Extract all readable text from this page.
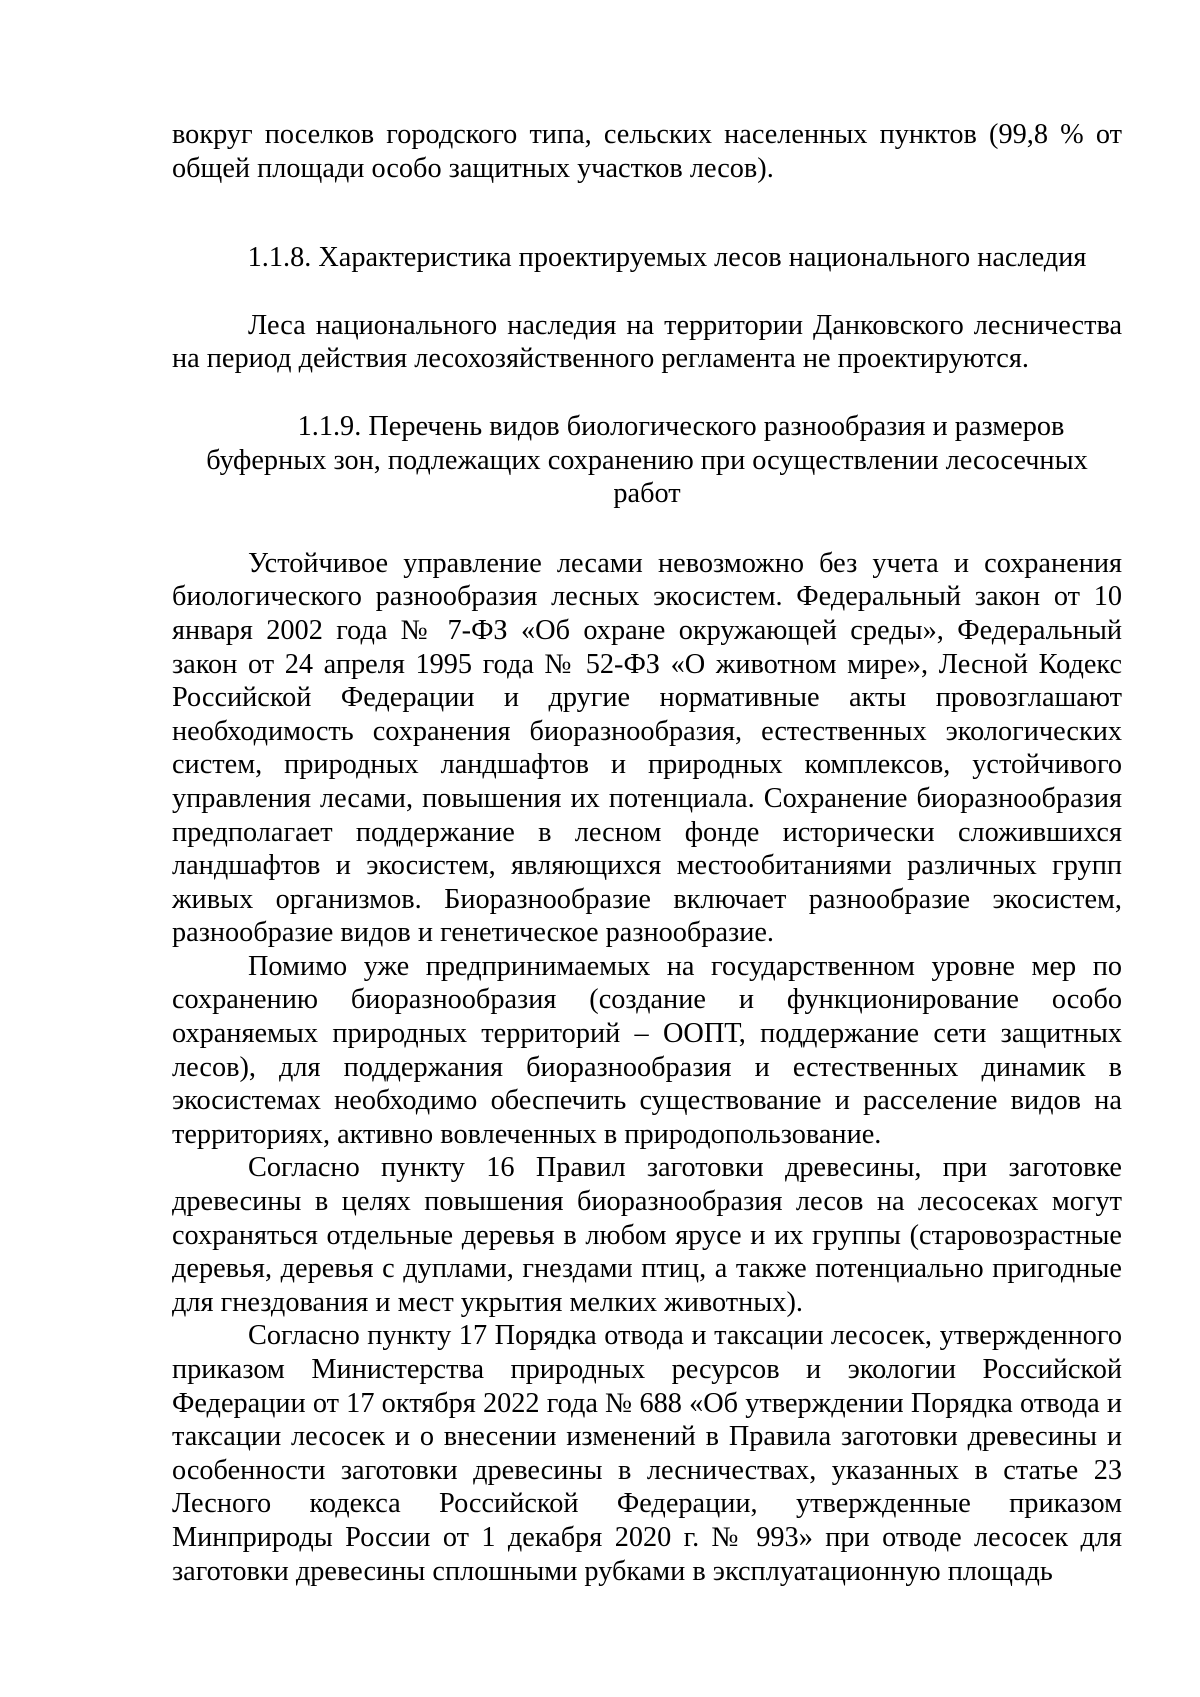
вокруг поселков городского типа, сельских населенных пунктов (99,8 % от общей площади особо защитных участков лесов).

1.1.8. Характеристика проектируемых лесов национального наследия

Леса национального наследия на территории Данковского лесничества на период действия лесохозяйственного регламента не проектируются.

1.1.9. Перечень видов биологического разнообразия и размеров
буферных зон, подлежащих сохранению при осуществлении лесосечных
работ

Устойчивое управление лесами невозможно без учета и сохранения биологического разнообразия лесных экосистем. Федеральный закон от 10 января 2002 года № 7-ФЗ «Об охране окружающей среды», Федеральный закон от 24 апреля 1995 года № 52-ФЗ «О животном мире», Лесной Кодекс Российской Федерации и другие нормативные акты провозглашают необходимость сохранения биоразнообразия, естественных экологических систем, природных ландшафтов и природных комплексов, устойчивого управления лесами, повышения их потенциала. Сохранение биоразнообразия предполагает поддержание в лесном фонде исторически сложившихся ландшафтов и экосистем, являющихся местообитаниями различных групп живых организмов. Биоразнообразие включает разнообразие экосистем, разнообразие видов и генетическое разнообразие.

Помимо уже предпринимаемых на государственном уровне мер по сохранению биоразнообразия (создание и функционирование особо охраняемых природных территорий – ООПТ, поддержание сети защитных лесов), для поддержания биоразнообразия и естественных динамик в экосистемах необходимо обеспечить существование и расселение видов на территориях, активно вовлеченных в природопользование.

Согласно пункту 16 Правил заготовки древесины, при заготовке древесины в целях повышения биоразнообразия лесов на лесосеках могут сохраняться отдельные деревья в любом ярусе и их группы (старовозрастные деревья, деревья с дуплами, гнездами птиц, а также потенциально пригодные для гнездования и мест укрытия мелких животных).

Согласно пункту 17 Порядка отвода и таксации лесосек, утвержденного приказом Министерства природных ресурсов и экологии Российской Федерации от 17 октября 2022 года № 688 «Об утверждении Порядка отвода и таксации лесосек и о внесении изменений в Правила заготовки древесины и особенности заготовки древесины в лесничествах, указанных в статье 23 Лесного кодекса Российской Федерации, утвержденные приказом Минприроды России от 1 декабря 2020 г. № 993» при отводе лесосек для заготовки древесины сплошными рубками в эксплуатационную площадь
